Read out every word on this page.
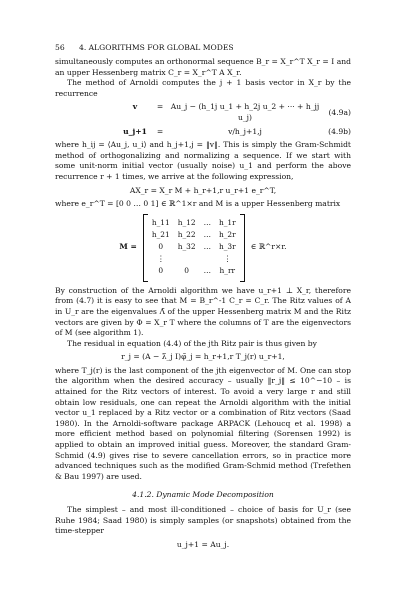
56 4. ALGORITHMS FOR GLOBAL MODES

simultaneously computes an orthonormal sequence B_r = X_r^T X_r = I and an upper Hessenberg matrix C_r = X_r^T A X_r.

The method of Arnoldi computes the j + 1 basis vector in X_r by the recurrence

v	= Au_j − (h_1j u_1 + h_2j u_2 + ··· + h_jj u_j)
(4.9a)
u_j+1	=	v/h_j+1,j	(4.9b)

where h_ij = ⟨Au_j, u_i⟩ and h_j+1,j = ‖v‖. This is simply the Gram-Schmidt method of orthogonalizing and normalizing a sequence. If we start with some unit-norm initial vector (usually noise) u_1 and perform the above recurrence r + 1 times, we arrive at the following expression,

AX_r = X_r M + h_r+1,r u_r+1 e_r^T,

where e_r^T = [0 0 … 0 1] ∈ ℝ^1×r and M is a upper Hessenberg matrix

M =
h_11	h_12	…	h_1r
h_21	h_22	…	h_2r
0	h_32	…	h_3r
⋮			⋮
0	0	…	h_rr
∈ ℝ^r×r.

By construction of the Arnoldi algorithm we have u_r+1 ⊥ X_r, therefore from (4.7) it is easy to see that M = B_r^-1 C_r = C_r. The Ritz values of A in U_r are the eigenvalues Λ̃ of the upper Hessenberg matrix M and the Ritz vectors are given by Φ = X_r T where the columns of T are the eigenvectors of M (see algorithm 1).

The residual in equation (4.4) of the jth Ritz pair is thus given by

r_j = (A − λ̃_j I)φ̃_j = h_r+1,r T_j(r) u_r+1,

where T_j(r) is the last component of the jth eigenvector of M. One can stop the algorithm when the desired accuracy – usually ‖r_j‖ ≤ 10^−10 – is attained for the Ritz vectors of interest. To avoid a very large r and still obtain low residuals, one can repeat the Arnoldi algorithm with the initial vector u_1 replaced by a Ritz vector or a combination of Ritz vectors (Saad 1980). In the Arnoldi-software package ARPACK (Lehoucq et al. 1998) a more efficient method based on polynomial filtering (Sorensen 1992) is applied to obtain an improved initial guess. Moreover, the standard Gram-Schmid (4.9) gives rise to severe cancellation errors, so in practice more advanced techniques such as the modified Gram-Schmid method (Trefethen & Bau 1997) are used.

4.1.2. Dynamic Mode Decomposition

The simplest – and most ill-conditioned – choice of basis for U_r (see Ruhe 1984; Saad 1980) is simply samples (or snapshots) obtained from the time-stepper

u_j+1 = Au_j.
